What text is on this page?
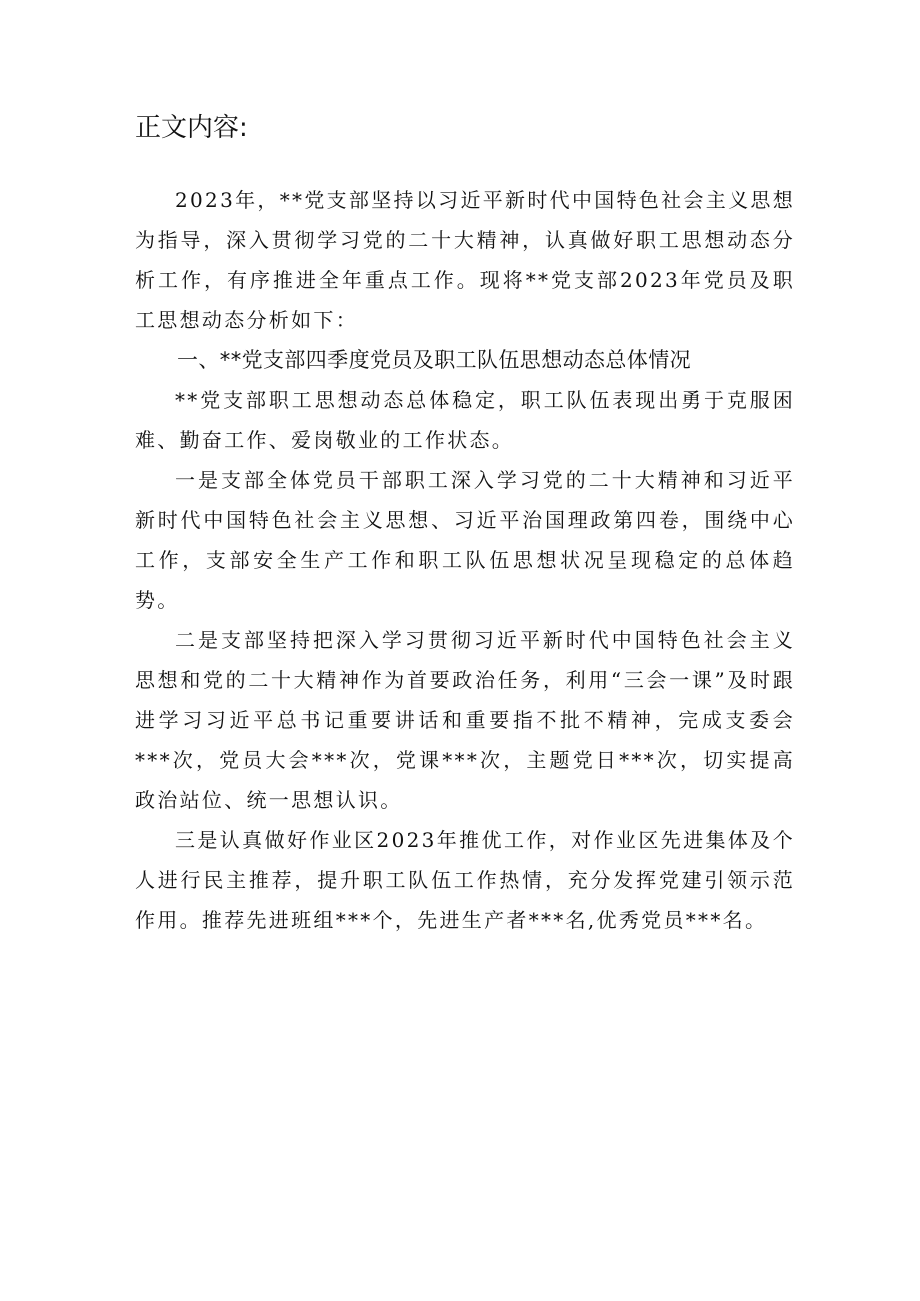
正文内容:

2023年，**党支部坚持以习近平新时代中国特色社会主义思想为指导，深入贯彻学习党的二十大精神，认真做好职工思想动态分析工作，有序推进全年重点工作。现将**党支部2023年党员及职工思想动态分析如下：

一、**党支部四季度党员及职工队伍思想动态总体情况

**党支部职工思想动态总体稳定，职工队伍表现出勇于克服困难、勤奋工作、爱岗敬业的工作状态。

一是支部全体党员干部职工深入学习党的二十大精神和习近平新时代中国特色社会主义思想、习近平治国理政第四卷，围绕中心工作，支部安全生产工作和职工队伍思想状况呈现稳定的总体趋势。

二是支部坚持把深入学习贯彻习近平新时代中国特色社会主义思想和党的二十大精神作为首要政治任务，利用“三会一课”及时跟进学习习近平总书记重要讲话和重要指不批不精神，完成支委会***次，党员大会***次，党课***次，主题党日***次，切实提高政治站位、统一思想认识。

三是认真做好作业区2023年推优工作，对作业区先进集体及个人进行民主推荐，提升职工队伍工作热情，充分发挥党建引领示范作用。推荐先进班组***个，先进生产者***名,优秀党员***名。
